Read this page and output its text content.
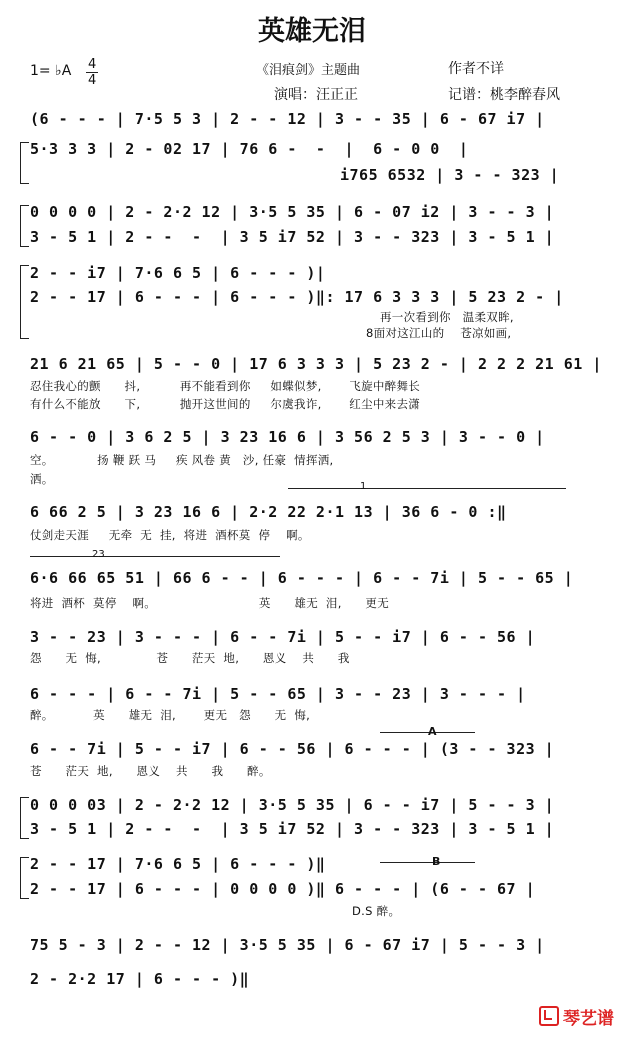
英雄无泪
1= ♭A 4
4
《泪痕剑》主题曲	作者不详
演唱：汪正正	记谱：桃李醉春风
(6 - - - | 7·5 5 3 | 2 - - 12 | 3 - - 35 | 6 - 67 i7 |
5·3 3 3 | 2 - 02 17 | 76 6 -  -  |  6 - 0 0  |
i765 6532 | 3 - - 323 |
0 0 0 0 | 2 - 2·2 12 | 3·5 5 35 | 6 - 07 i2 | 3 - - 3 |
3 - 5 1 | 2 - -  -  | 3 5 i7 52 | 3 - - 323 | 3 - 5 1 |
2 - - i7 | 7·6 6 5 | 6 - - - )|
2 - - 17 | 6 - - - | 6 - - - )‖: 17 6 3 3 3 | 5 23 2 - |
再一次看到你   温柔双眸,
8面对这江山的    苍凉如画,
21 6 21 65 | 5 - - 0 | 17 6 3 3 3 | 5 23 2 - | 2 2 2 21 61 |
忍住我心的颤      抖,          再不能看到你     如蝶似梦,       飞旋中醉舞长
有什么不能放      下,          抛开这世间的     尔虞我诈,       红尘中来去潇
6 - - 0 | 3 6 2 5 | 3 23 16 6 | 3 56 2 5 3 | 3 - - 0 |
空。           扬 鞭 跃 马     疾 风卷 黄   沙, 任豪  情挥洒,
洒。
1
6 66 2 5 | 3 23 16 6 | 2·2 22 2·1 13 | 36 6 - 0 :‖
仗剑走天涯     无牵  无  挂,  将进  酒杯莫  停    啊。
23
6·6 66 65 51 | 66 6 - - | 6 - - - | 6 - - 7i | 5 - - 65 |
将进  酒杯  莫停    啊。                          英      雄无  泪,      更无
3 - - 23 | 3 - - - | 6 - - 7i | 5 - - i7 | 6 - - 56 |
怨      无  悔,              苍      茫天  地,      恩义    共      我
6 - - - | 6 - - 7i | 5 - - 65 | 3 - - 23 | 3 - - - |
醉。          英      雄无  泪,       更无   怨      无  悔,
A
6 - - 7i | 5 - - i7 | 6 - - 56 | 6 - - - | (3 - - 323 |
苍      茫天  地,      恩义    共      我      醉。
0 0 0 03 | 2 - 2·2 12 | 3·5 5 35 | 6 - - i7 | 5 - - 3 |
3 - 5 1 | 2 - -  -  | 3 5 i7 52 | 3 - - 323 | 3 - 5 1 |
B
2 - - 17 | 7·6 6 5 | 6 - - - )‖
2 - - 17 | 6 - - - | 0 0 0 0 )‖ 6 - - - | (6 - - 67 |
D.S 醉。
75 5 - 3 | 2 - - 12 | 3·5 5 35 | 6 - 67 i7 | 5 - - 3 |
2 - 2·2 17 | 6 - - - )‖
琴艺谱
